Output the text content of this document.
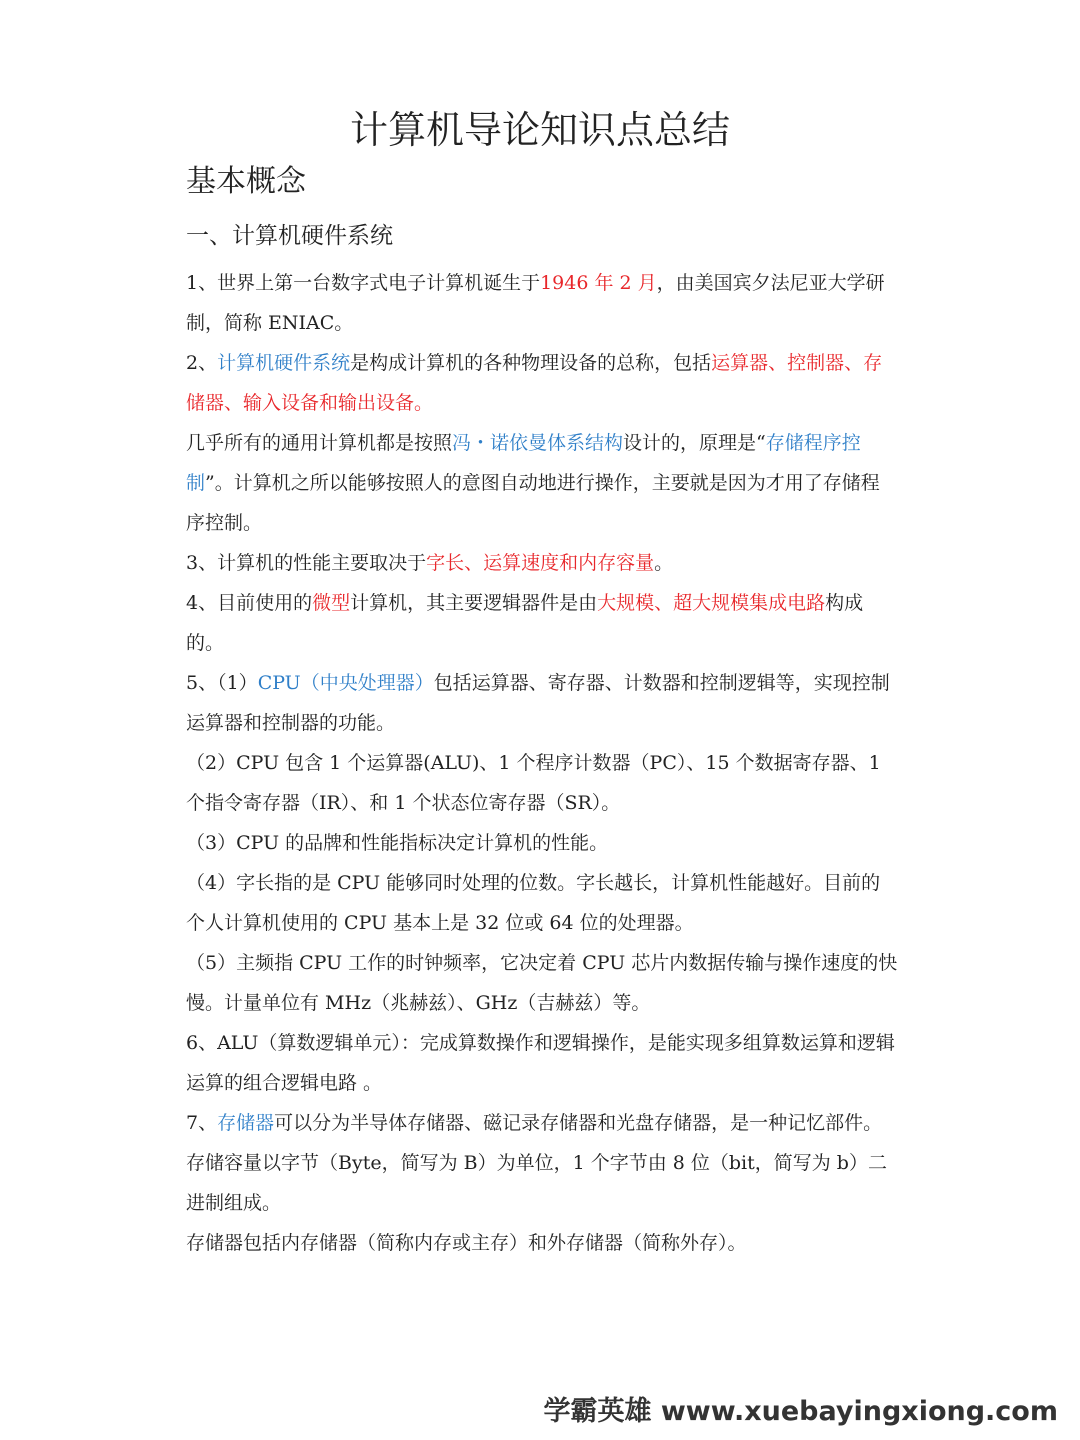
计算机导论知识点总结
基本概念
一、计算机硬件系统

1、世界上第一台数字式电子计算机诞生于1946 年 2 月，由美国宾夕法尼亚大学研制，简称 ENIAC。

2、计算机硬件系统是构成计算机的各种物理设备的总称，包括运算器、控制器、存储器、输入设备和输出设备。

几乎所有的通用计算机都是按照冯・诺依曼体系结构设计的，原理是“存储程序控制”。计算机之所以能够按照人的意图自动地进行操作，主要就是因为才用了存储程序控制。

3、计算机的性能主要取决于字长、运算速度和内存容量。

4、目前使用的微型计算机，其主要逻辑器件是由大规模、超大规模集成电路构成的。

5、（1）CPU（中央处理器）包括运算器、寄存器、计数器和控制逻辑等，实现控制运算器和控制器的功能。

（2）CPU 包含 1 个运算器(ALU)、1 个程序计数器（PC）、15 个数据寄存器、1 个指令寄存器（IR）、和 1 个状态位寄存器（SR）。

（3）CPU 的品牌和性能指标决定计算机的性能。

（4）字长指的是 CPU 能够同时处理的位数。字长越长，计算机性能越好。目前的个人计算机使用的 CPU 基本上是 32 位或 64 位的处理器。

（5）主频指 CPU 工作的时钟频率，它决定着 CPU 芯片内数据传输与操作速度的快慢。计量单位有 MHz（兆赫兹）、GHz（吉赫兹）等。

6、ALU（算数逻辑单元）：完成算数操作和逻辑操作，是能实现多组算数运算和逻辑运算的组合逻辑电路 。

7、存储器可以分为半导体存储器、磁记录存储器和光盘存储器，是一种记忆部件。存储容量以字节（Byte，简写为 B）为单位，1 个字节由 8 位（bit，简写为 b）二进制组成。

存储器包括内存储器（简称内存或主存）和外存储器（简称外存）。

学霸英雄 www.xuebayingxiong.com
